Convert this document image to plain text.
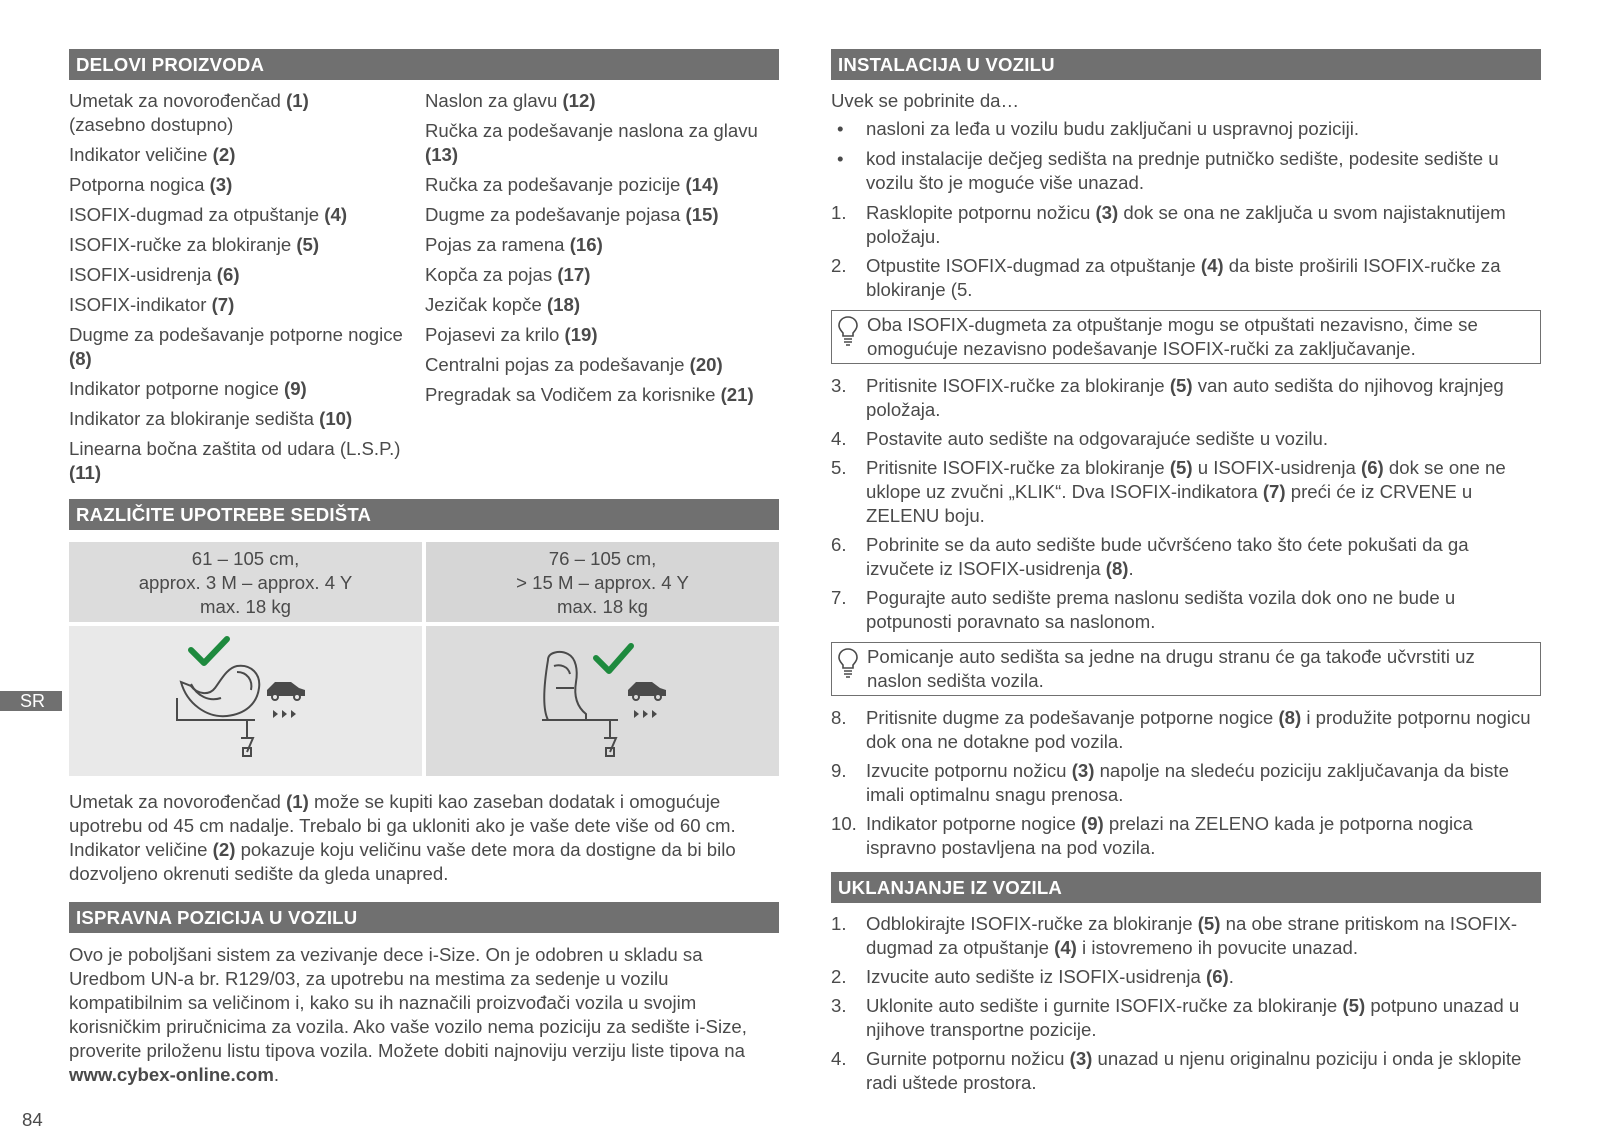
DELOVI PROIZVODA
Umetak za novorođenčad (1)
(zasebno dostupno)
Indikator veličine (2)
Potporna nogica (3)
ISOFIX-dugmad za otpuštanje (4)
ISOFIX-ručke za blokiranje (5)
ISOFIX-usidrenja (6)
ISOFIX-indikator (7)
Dugme za podešavanje potporne nogice (8)
Indikator potporne nogice (9)
Indikator za blokiranje sedišta (10)
Linearna bočna zaštita od udara (L.S.P.) (11)
Naslon za glavu (12)
Ručka za podešavanje naslona za glavu (13)
Ručka za podešavanje pozicije (14)
Dugme za podešavanje pojasa (15)
Pojas za ramena (16)
Kopča za pojas (17)
Jezičak kopče (18)
Pojasevi za krilo (19)
Centralni pojas za podešavanje (20)
Pregradak sa Vodičem za korisnike (21)
RAZLIČITE UPOTREBE SEDIŠTA
61 – 105 cm,
approx. 3 M – approx. 4 Y
max. 18 kg
76 – 105 cm,
> 15 M – approx. 4 Y
max. 18 kg
Umetak za novorođenčad (1) može se kupiti kao zaseban dodatak i omogućuje upotrebu od 45 cm nadalje. Trebalo bi ga ukloniti ako je vaše dete više od 60 cm. Indikator veličine (2) pokazuje koju veličinu vaše dete mora da dostigne da bi bilo dozvoljeno okrenuti sedište da gleda unapred.
ISPRAVNA POZICIJA U VOZILU
Ovo je poboljšani sistem za vezivanje dece i-Size. On je odobren u skladu sa Uredbom UN-a br. R129/03, za upotrebu na mestima za sedenje u vozilu kompatibilnim sa veličinom i, kako su ih naznačili proizvođači vozila u svojim korisničkim priručnicima za vozila. Ako vaše vozilo nema poziciju za sedište i-Size, proverite priloženu listu tipova vozila. Možete dobiti najnoviju verziju liste tipova na www.cybex-online.com.
INSTALACIJA U VOZILU
Uvek se pobrinite da…
• nasloni za leđa u vozilu budu zaključani u uspravnoj poziciji.
• kod instalacije dečjeg sedišta na prednje putničko sedište, podesite sedište u vozilu što je moguće više unazad.
1. Rasklopite potpornu nožicu (3) dok se ona ne zaključa u svom najistaknutijem položaju.
2. Otpustite ISOFIX-dugmad za otpuštanje (4) da biste proširili ISOFIX-ručke za blokiranje (5.
Oba ISOFIX-dugmeta za otpuštanje mogu se otpuštati nezavisno, čime se omogućuje nezavisno podešavanje ISOFIX-ručki za zaključavanje.
3. Pritisnite ISOFIX-ručke za blokiranje (5) van auto sedišta do njihovog krajnjeg položaja.
4. Postavite auto sedište na odgovarajuće sedište u vozilu.
5. Pritisnite ISOFIX-ručke za blokiranje (5) u ISOFIX-usidrenja (6) dok se one ne uklope uz zvučni „KLIK“. Dva ISOFIX-indikatora (7) preći će iz CRVENE u ZELENU boju.
6. Pobrinite se da auto sedište bude učvršćeno tako što ćete pokušati da ga izvučete iz ISOFIX-usidrenja (8).
7. Pogurajte auto sedište prema naslonu sedišta vozila dok ono ne bude u potpunosti poravnato sa naslonom.
Pomicanje auto sedišta sa jedne na drugu stranu će ga takođe učvrstiti uz naslon sedišta vozila.
8. Pritisnite dugme za podešavanje potporne nogice (8) i produžite potpornu nogicu dok ona ne dotakne pod vozila.
9. Izvucite potpornu nožicu (3) napolje na sledeću poziciju zaključavanja da biste imali optimalnu snagu prenosa.
10. Indikator potporne nogice (9) prelazi na ZELENO kada je potporna nogica ispravno postavljena na pod vozila.
UKLANJANJE IZ VOZILA
1. Odblokirajte ISOFIX-ručke za blokiranje (5) na obe strane pritiskom na ISOFIX-dugmad za otpuštanje (4) i istovremeno ih povucite unazad.
2. Izvucite auto sedište iz ISOFIX-usidrenja (6).
3. Uklonite auto sedište i gurnite ISOFIX-ručke za blokiranje (5) potpuno unazad u njihove transportne pozicije.
4. Gurnite potpornu nožicu (3) unazad u njenu originalnu poziciju i onda je sklopite radi uštede prostora.
SR
84
